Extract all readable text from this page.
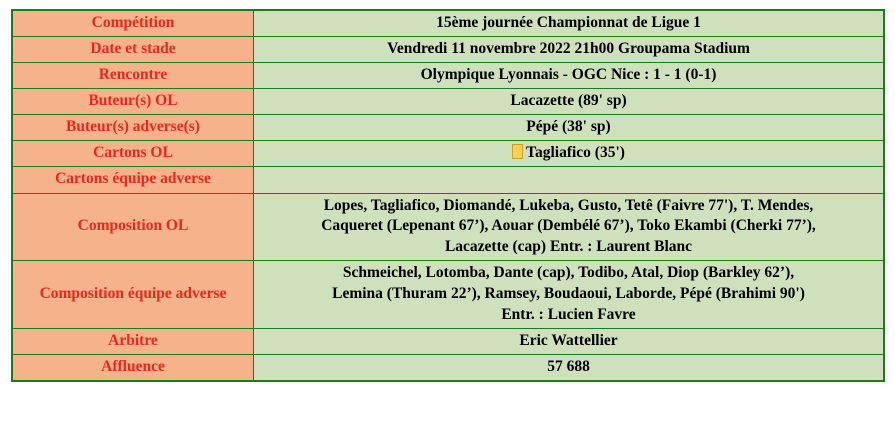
Compétition	15ème journée Championnat de Ligue 1
Date et stade	Vendredi 11 novembre 2022 21h00 Groupama Stadium
Rencontre	Olympique Lyonnais - OGC Nice : 1 - 1 (0-1)
Buteur(s) OL	Lacazette (89' sp)
Buteur(s) adverse(s)	Pépé (38' sp)
Cartons OL	Tagliafico (35')
Cartons équipe adverse	
Composition OL	Lopes, Tagliafico, Diomandé, Lukeba, Gusto, Tetê (Faivre 77'), T. Mendes,
Caqueret (Lepenant 67’), Aouar (Dembélé 67’), Toko Ekambi (Cherki 77’),
Lacazette (cap) Entr. : Laurent Blanc

Composition équipe adverse	Schmeichel, Lotomba, Dante (cap), Todibo, Atal, Diop (Barkley 62’),
Lemina (Thuram 22’), Ramsey, Boudaoui, Laborde, Pépé (Brahimi 90')
Entr. : Lucien Favre

Arbitre	Eric Wattellier
Affluence	57 688
